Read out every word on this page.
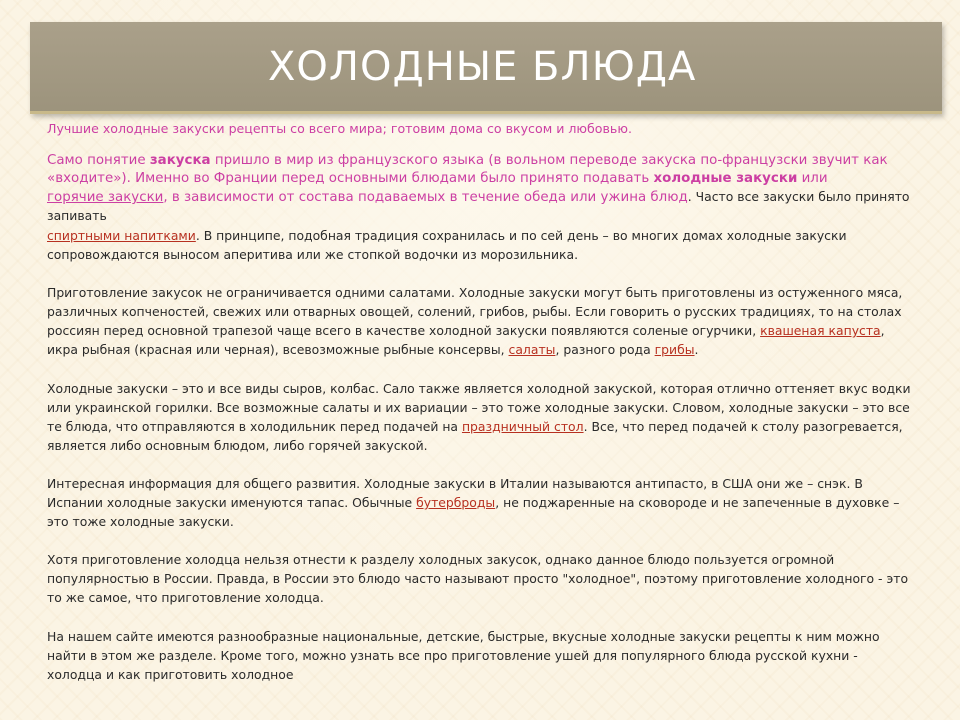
ХОЛОДНЫЕ БЛЮДА

Лучшие холодные закуски рецепты со всего мира; готовим дома со вкусом и любовью.

Само понятие закуска пришло в мир из французского языка (в вольном переводе закуска по-французски звучит как «входите»). Именно во Франции перед основными блюдами было принято подавать холодные закуски или
горячие закуски, в зависимости от состава подаваемых в течение обеда или ужина блюд. Часто все закуски было принято запивать

спиртными напитками. В принципе, подобная традиция сохранилась и по сей день – во многих домах холодные закуски сопровождаются выносом аперитива или же стопкой водочки из морозильника.

Приготовление закусок не ограничивается одними салатами. Холодные закуски могут быть приготовлены из остуженного мяса, различных копченостей, свежих или отварных овощей, солений, грибов, рыбы. Если говорить о русских традициях, то на столах россиян перед основной трапезой чаще всего в качестве холодной закуски появляются соленые огурчики, квашеная капуста, икра рыбная (красная или черная), всевозможные рыбные консервы, салаты, разного рода грибы.

Холодные закуски – это и все виды сыров, колбас. Сало также является холодной закуской, которая отлично оттеняет вкус водки или украинской горилки. Все возможные салаты и их вариации – это тоже холодные закуски. Словом, холодные закуски – это все те блюда, что отправляются в холодильник перед подачей на праздничный стол. Все, что перед подачей к столу разогревается, является либо основным блюдом, либо горячей закуской.

Интересная информация для общего развития. Холодные закуски в Италии называются антипасто, в США они же – снэк. В Испании холодные закуски именуются тапас. Обычные бутерброды, не поджаренные на сковороде и не запеченные в духовке – это тоже холодные закуски.

Хотя приготовление холодца нельзя отнести к разделу холодных закусок, однако данное блюдо пользуется огромной популярностью в России. Правда, в России это блюдо часто называют просто "холодное", поэтому приготовление холодного - это то же самое, что приготовление холодца.

На нашем сайте имеются разнообразные национальные, детские, быстрые, вкусные холодные закуски рецепты к ним можно найти в этом же разделе. Кроме того, можно узнать все про приготовление ушей для популярного блюда русской кухни - холодца и как приготовить холодное
